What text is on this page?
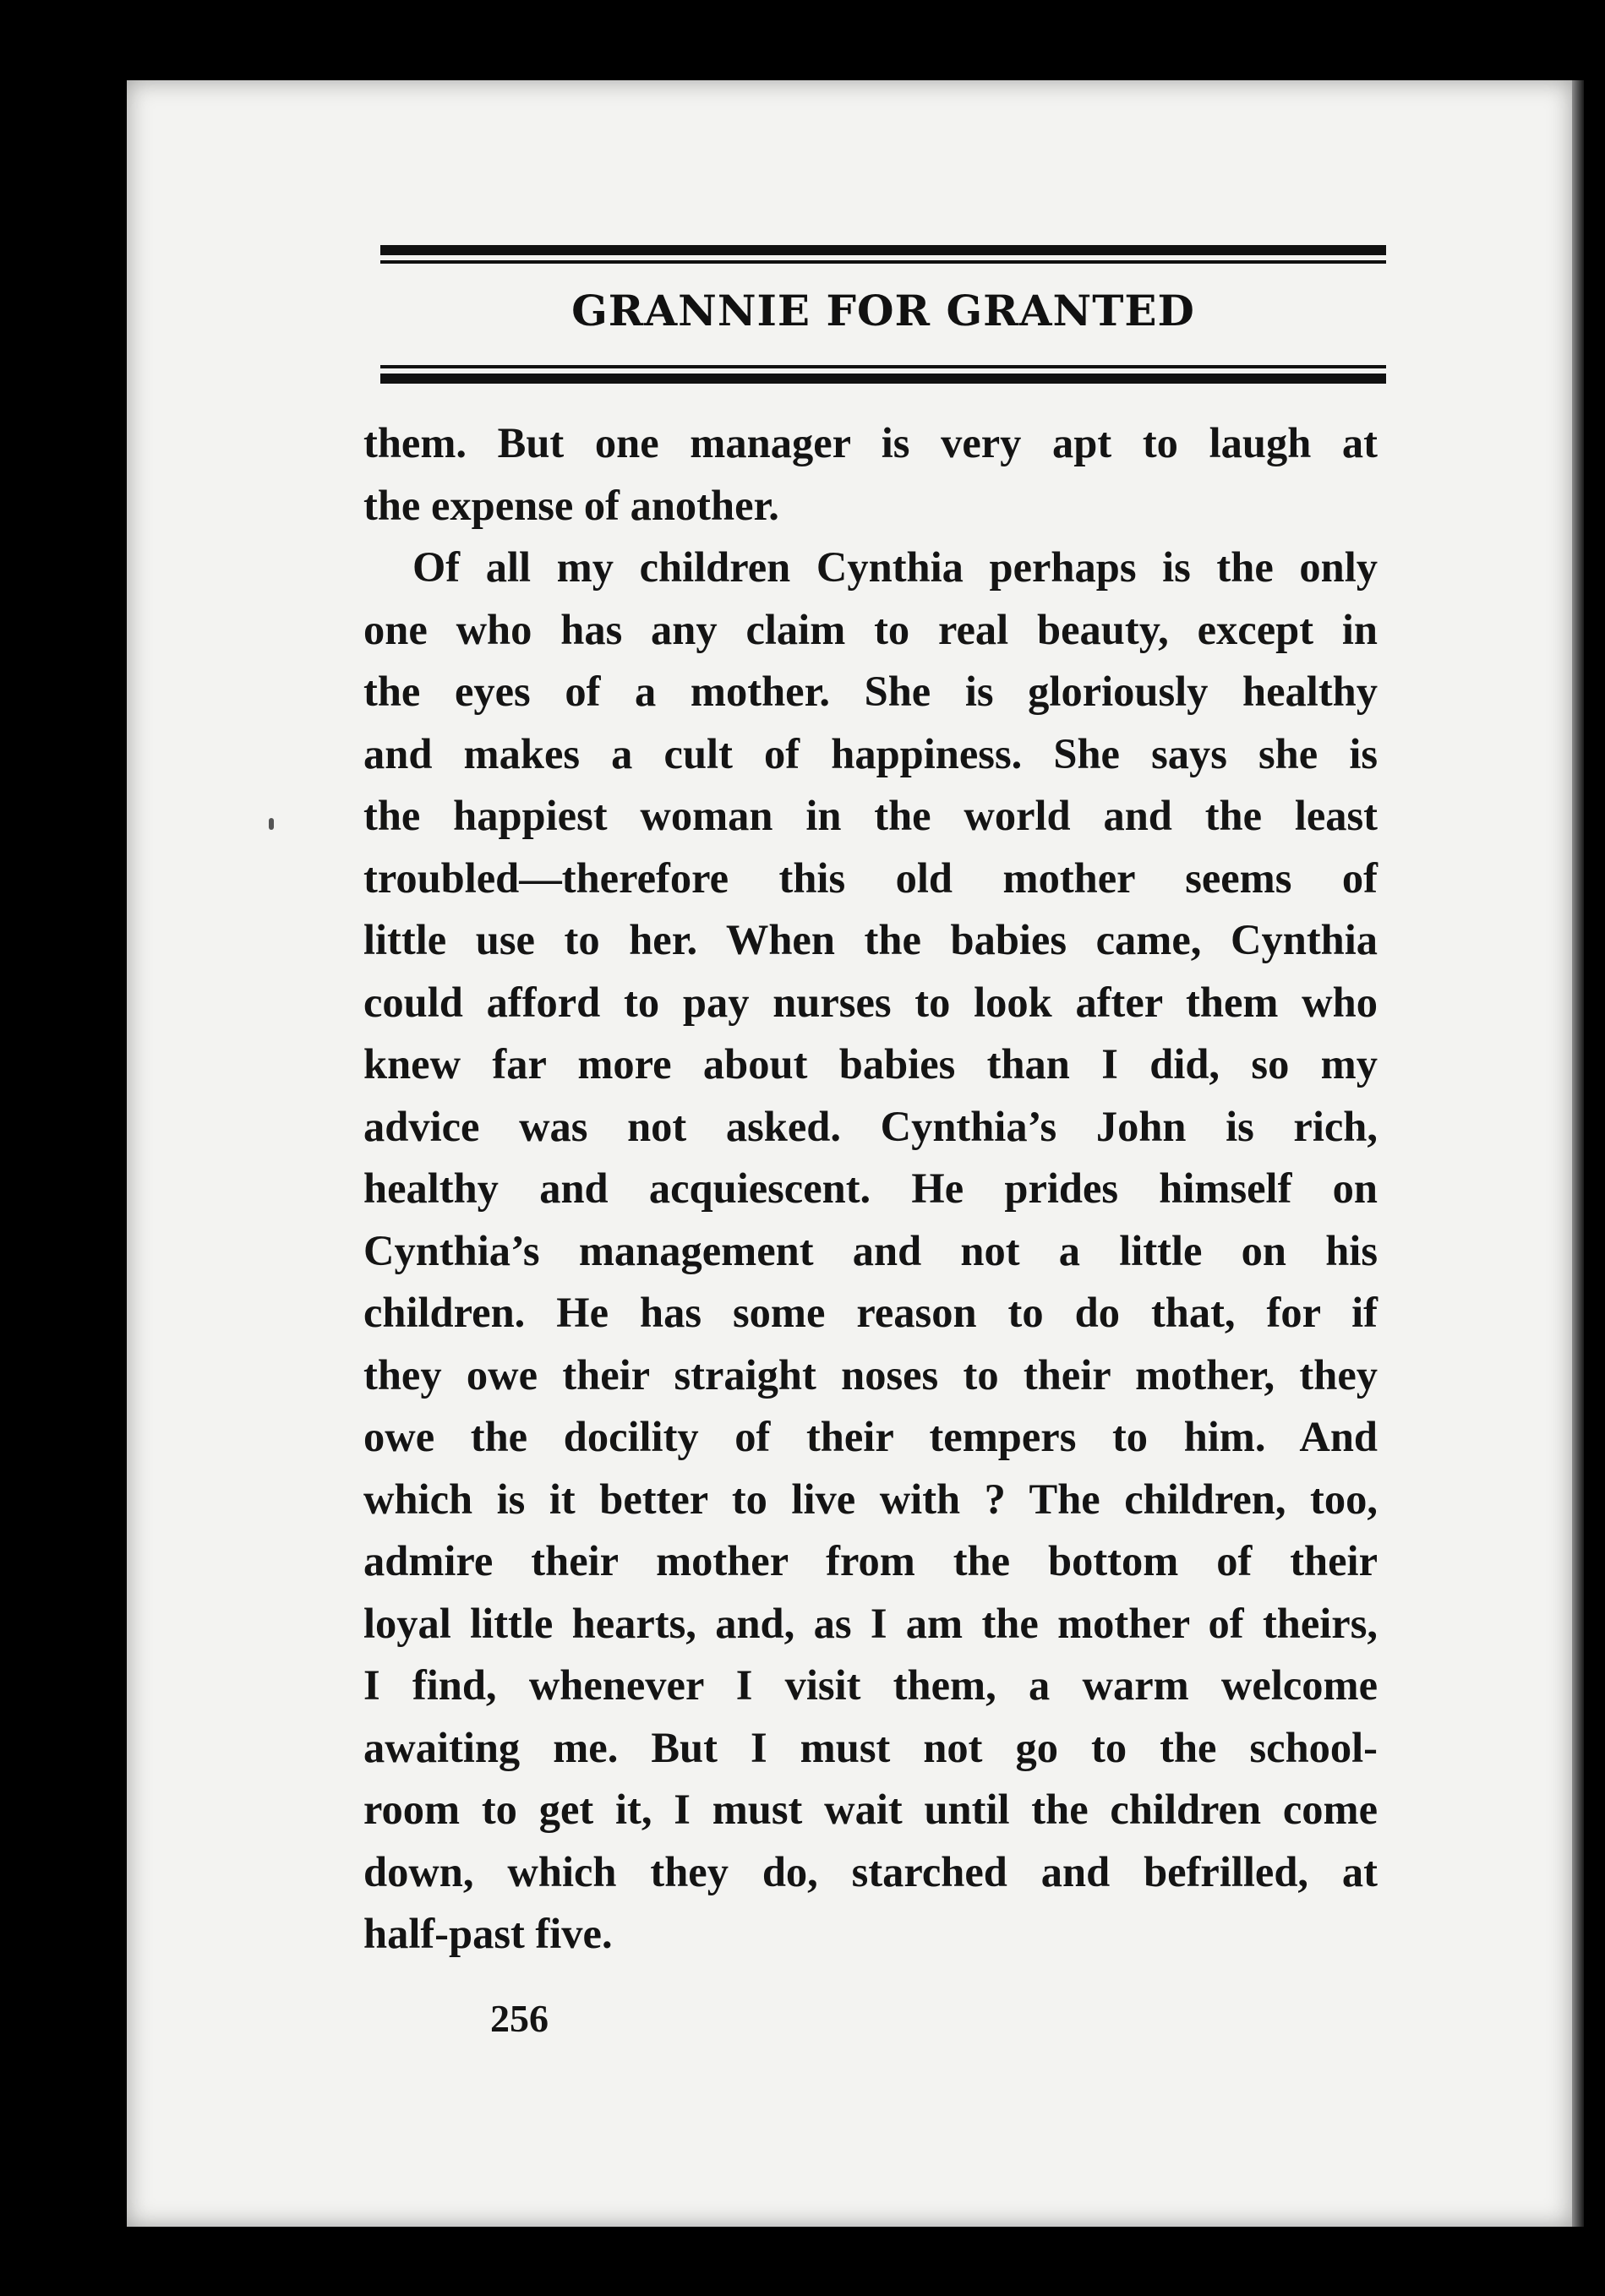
GRANNIE FOR GRANTED
them. But one manager is very apt to laugh at
the expense of another.
Of all my children Cynthia perhaps is the only
one who has any claim to real beauty, except in
the eyes of a mother. She is gloriously healthy
and makes a cult of happiness. She says she is
the happiest woman in the world and the least
troubled—therefore this old mother seems of
little use to her. When the babies came, Cynthia
could afford to pay nurses to look after them who
knew far more about babies than I did, so my
advice was not asked. Cynthia’s John is rich,
healthy and acquiescent. He prides himself on
Cynthia’s management and not a little on his
children. He has some reason to do that, for if
they owe their straight noses to their mother, they
owe the docility of their tempers to him. And
which is it better to live with ? The children, too,
admire their mother from the bottom of their
loyal little hearts, and, as I am the mother of theirs,
I find, whenever I visit them, a warm welcome
awaiting me. But I must not go to the school-
room to get it, I must wait until the children come
down, which they do, starched and befrilled, at
half-past five.

256
